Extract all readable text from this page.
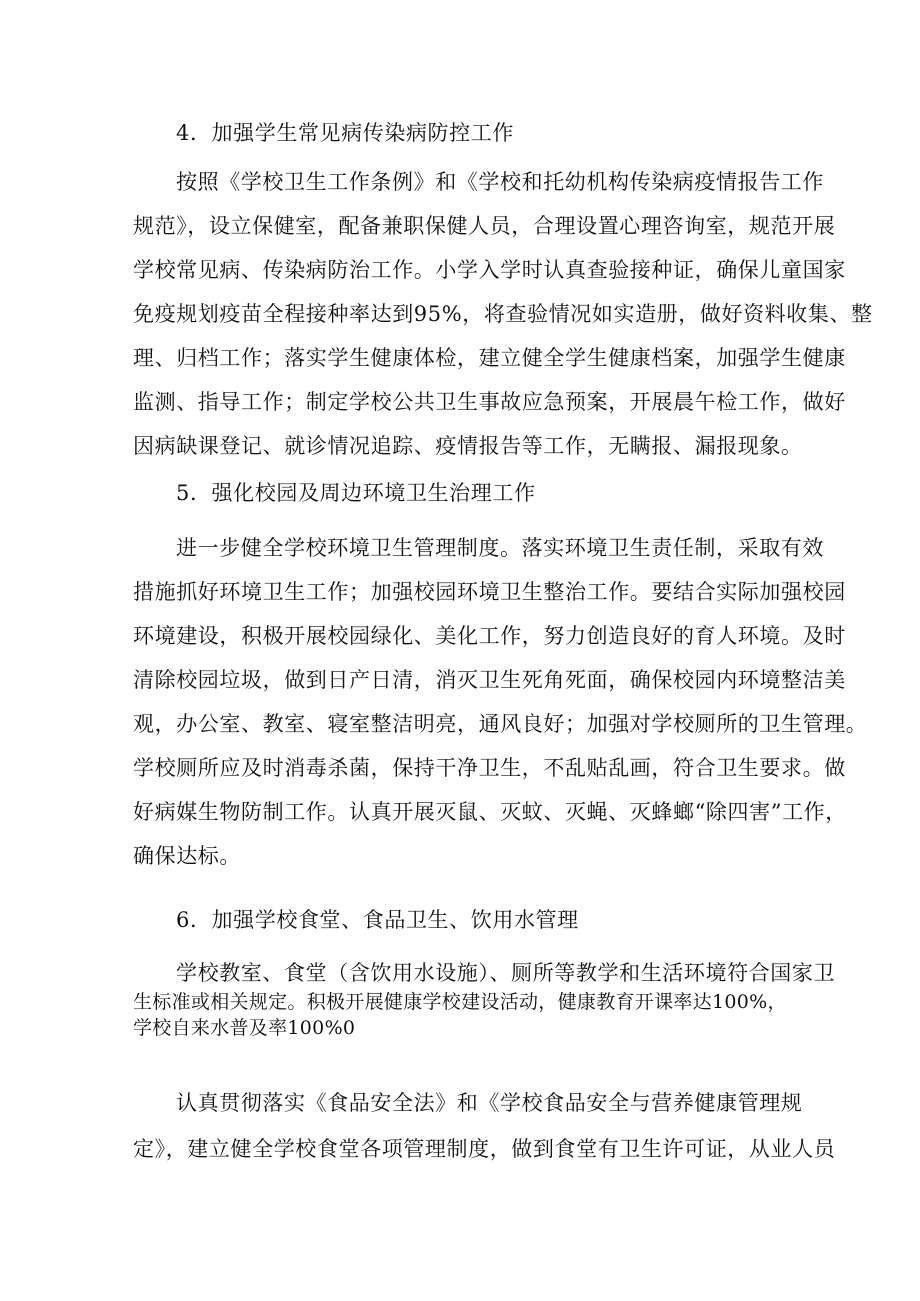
4．加强学生常见病传染病防控工作
按照《学校卫生工作条例》和《学校和托幼机构传染病疫情报告工作
规范》，设立保健室，配备兼职保健人员，合理设置心理咨询室，规范开展
学校常见病、传染病防治工作。小学入学时认真查验接种证，确保儿童国家
免疫规划疫苗全程接种率达到95%，将查验情况如实造册，做好资料收集、整
理、归档工作；落实学生健康体检，建立健全学生健康档案，加强学生健康
监测、指导工作；制定学校公共卫生事故应急预案，开展晨午检工作，做好
因病缺课登记、就诊情况追踪、疫情报告等工作，无瞒报、漏报现象。
5．强化校园及周边环境卫生治理工作
进一步健全学校环境卫生管理制度。落实环境卫生责任制，采取有效
措施抓好环境卫生工作；加强校园环境卫生整治工作。要结合实际加强校园
环境建设，积极开展校园绿化、美化工作，努力创造良好的育人环境。及时
清除校园垃圾，做到日产日清，消灭卫生死角死面，确保校园内环境整洁美
观，办公室、教室、寝室整洁明亮，通风良好；加强对学校厕所的卫生管理。
学校厕所应及时消毒杀菌，保持干净卫生，不乱贴乱画，符合卫生要求。做
好病媒生物防制工作。认真开展灭鼠、灭蚊、灭蝇、灭蜂螂“除四害”工作，
确保达标。
6．加强学校食堂、食品卫生、饮用水管理
学校教室、食堂（含饮用水设施）、厕所等教学和生活环境符合国家卫
生标准或相关规定。积极开展健康学校建设活动，健康教育开课率达100%，
学校自来水普及率100%0
认真贯彻落实《食品安全法》和《学校食品安全与营养健康管理规
定》，建立健全学校食堂各项管理制度，做到食堂有卫生许可证，从业人员
